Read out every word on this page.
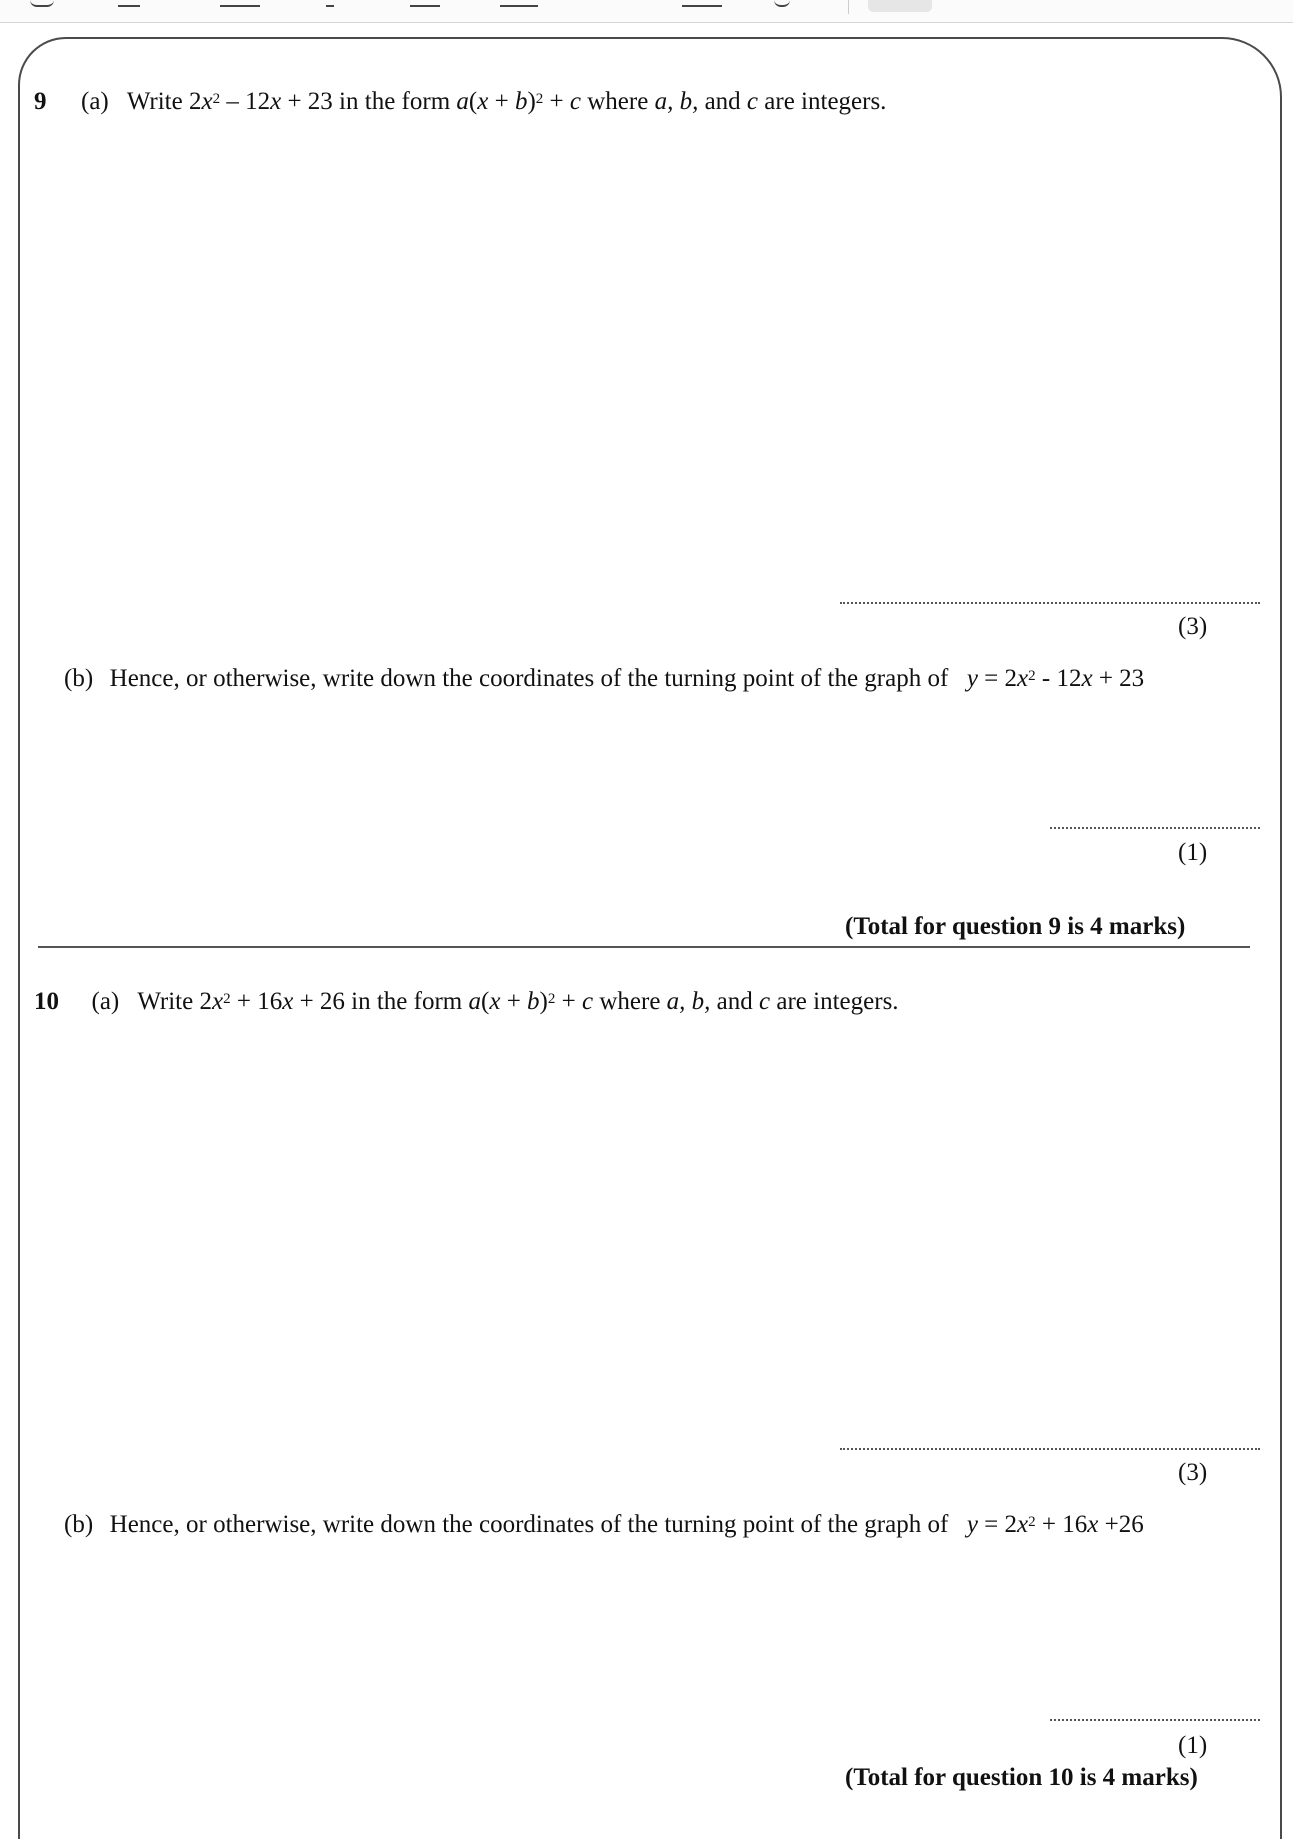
9 (a) Write $2x^2 - 12x + 23$ in the form $a(x + b)^2 + c$ where a, b, and c are integers.
(3)
(b) Hence, or otherwise, write down the coordinates of the turning point of the graph of $y = 2x^2 - 12x + 23$
(1)
(Total for question 9 is 4 marks)
10 (a) Write $2x^2 + 16x + 26$ in the form $a(x + b)^2 + c$ where a, b, and c are integers.
(3)
(b) Hence, or otherwise, write down the coordinates of the turning point of the graph of $y = 2x^2 + 16x +26$
(1)
(Total for question 10 is 4 marks)
